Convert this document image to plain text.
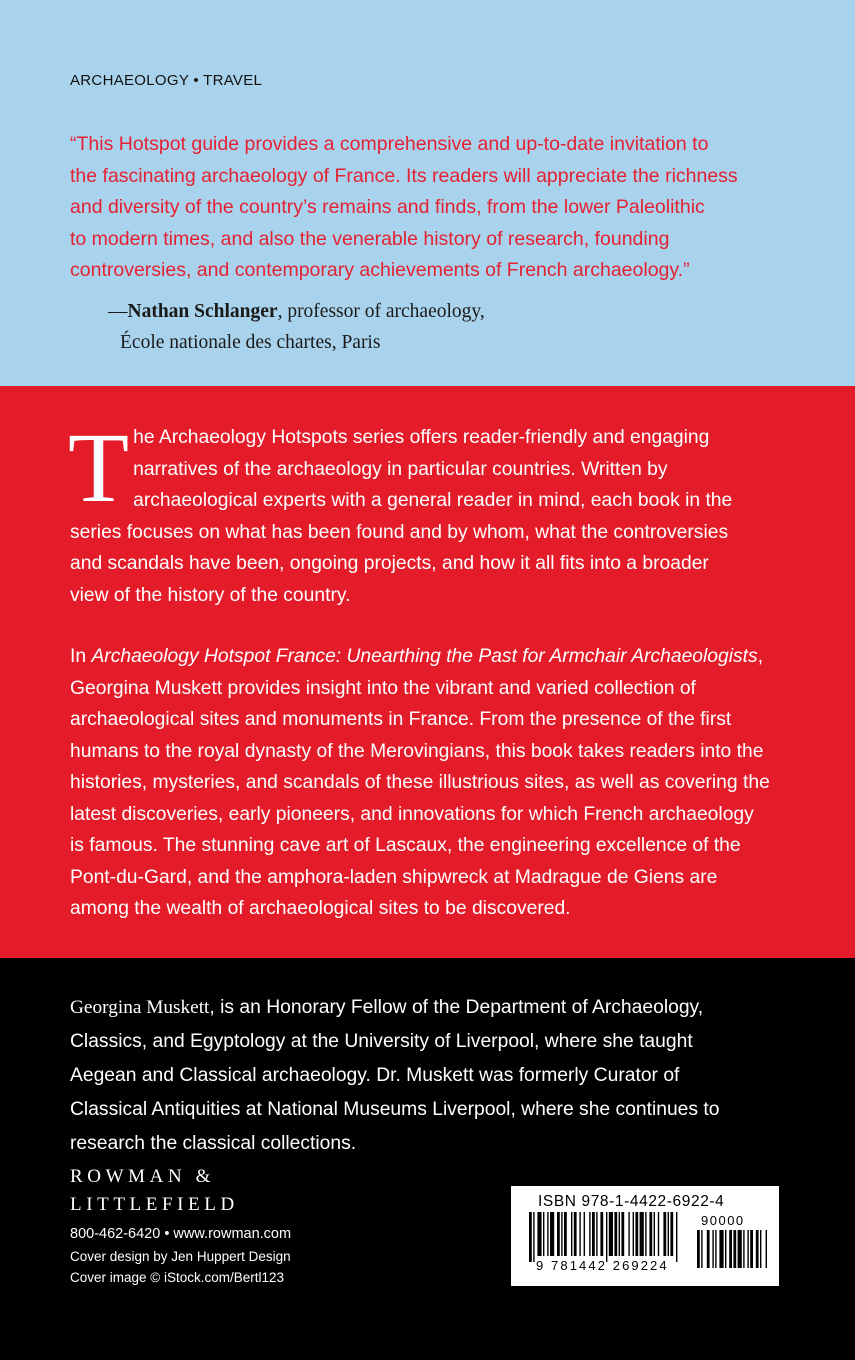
ARCHAEOLOGY • TRAVEL

“This Hotspot guide provides a comprehensive and up-to-date invitation to

the fascinating archaeology of France. Its readers will appreciate the richness

and diversity of the country’s remains and finds, from the lower Paleolithic

to modern times, and also the venerable history of research, founding

controversies, and contemporary achievements of French archaeology.”

—Nathan Schlanger, professor of archaeology,
École nationale des chartes, Paris
T he Archaeology Hotspots series offers reader-friendly and engaging
narratives of the archaeology in particular countries. Written by
archaeological experts with a general reader in mind, each book in the

series focuses on what has been found and by whom, what the controversies

and scandals have been, ongoing projects, and how it all fits into a broader

view of the history of the country.

In Archaeology Hotspot France: Unearthing the Past for Armchair Archaeologists,

Georgina Muskett provides insight into the vibrant and varied collection of

archaeological sites and monuments in France. From the presence of the first

humans to the royal dynasty of the Merovingians, this book takes readers into the

histories, mysteries, and scandals of these illustrious sites, as well as covering the

latest discoveries, early pioneers, and innovations for which French archaeology

is famous. The stunning cave art of Lascaux, the engineering excellence of the

Pont-du-Gard, and the amphora-laden shipwreck at Madrague de Giens are

among the wealth of archaeological sites to be discovered.

Georgina Muskett, is an Honorary Fellow of the Department of Archaeology,

Classics, and Egyptology at the University of Liverpool, where she taught

Aegean and Classical archaeology. Dr. Muskett was formerly Curator of

Classical Antiquities at National Museums Liverpool, where she continues to

research the classical collections.

ROWMAN &
LITTLEFIELD
800-462-6420 • www.rowman.com
Cover design by Jen Huppert Design
Cover image © iStock.com/Bertl123
ISBN 978-1-4422-6922-4
90000
9 781442 269224
